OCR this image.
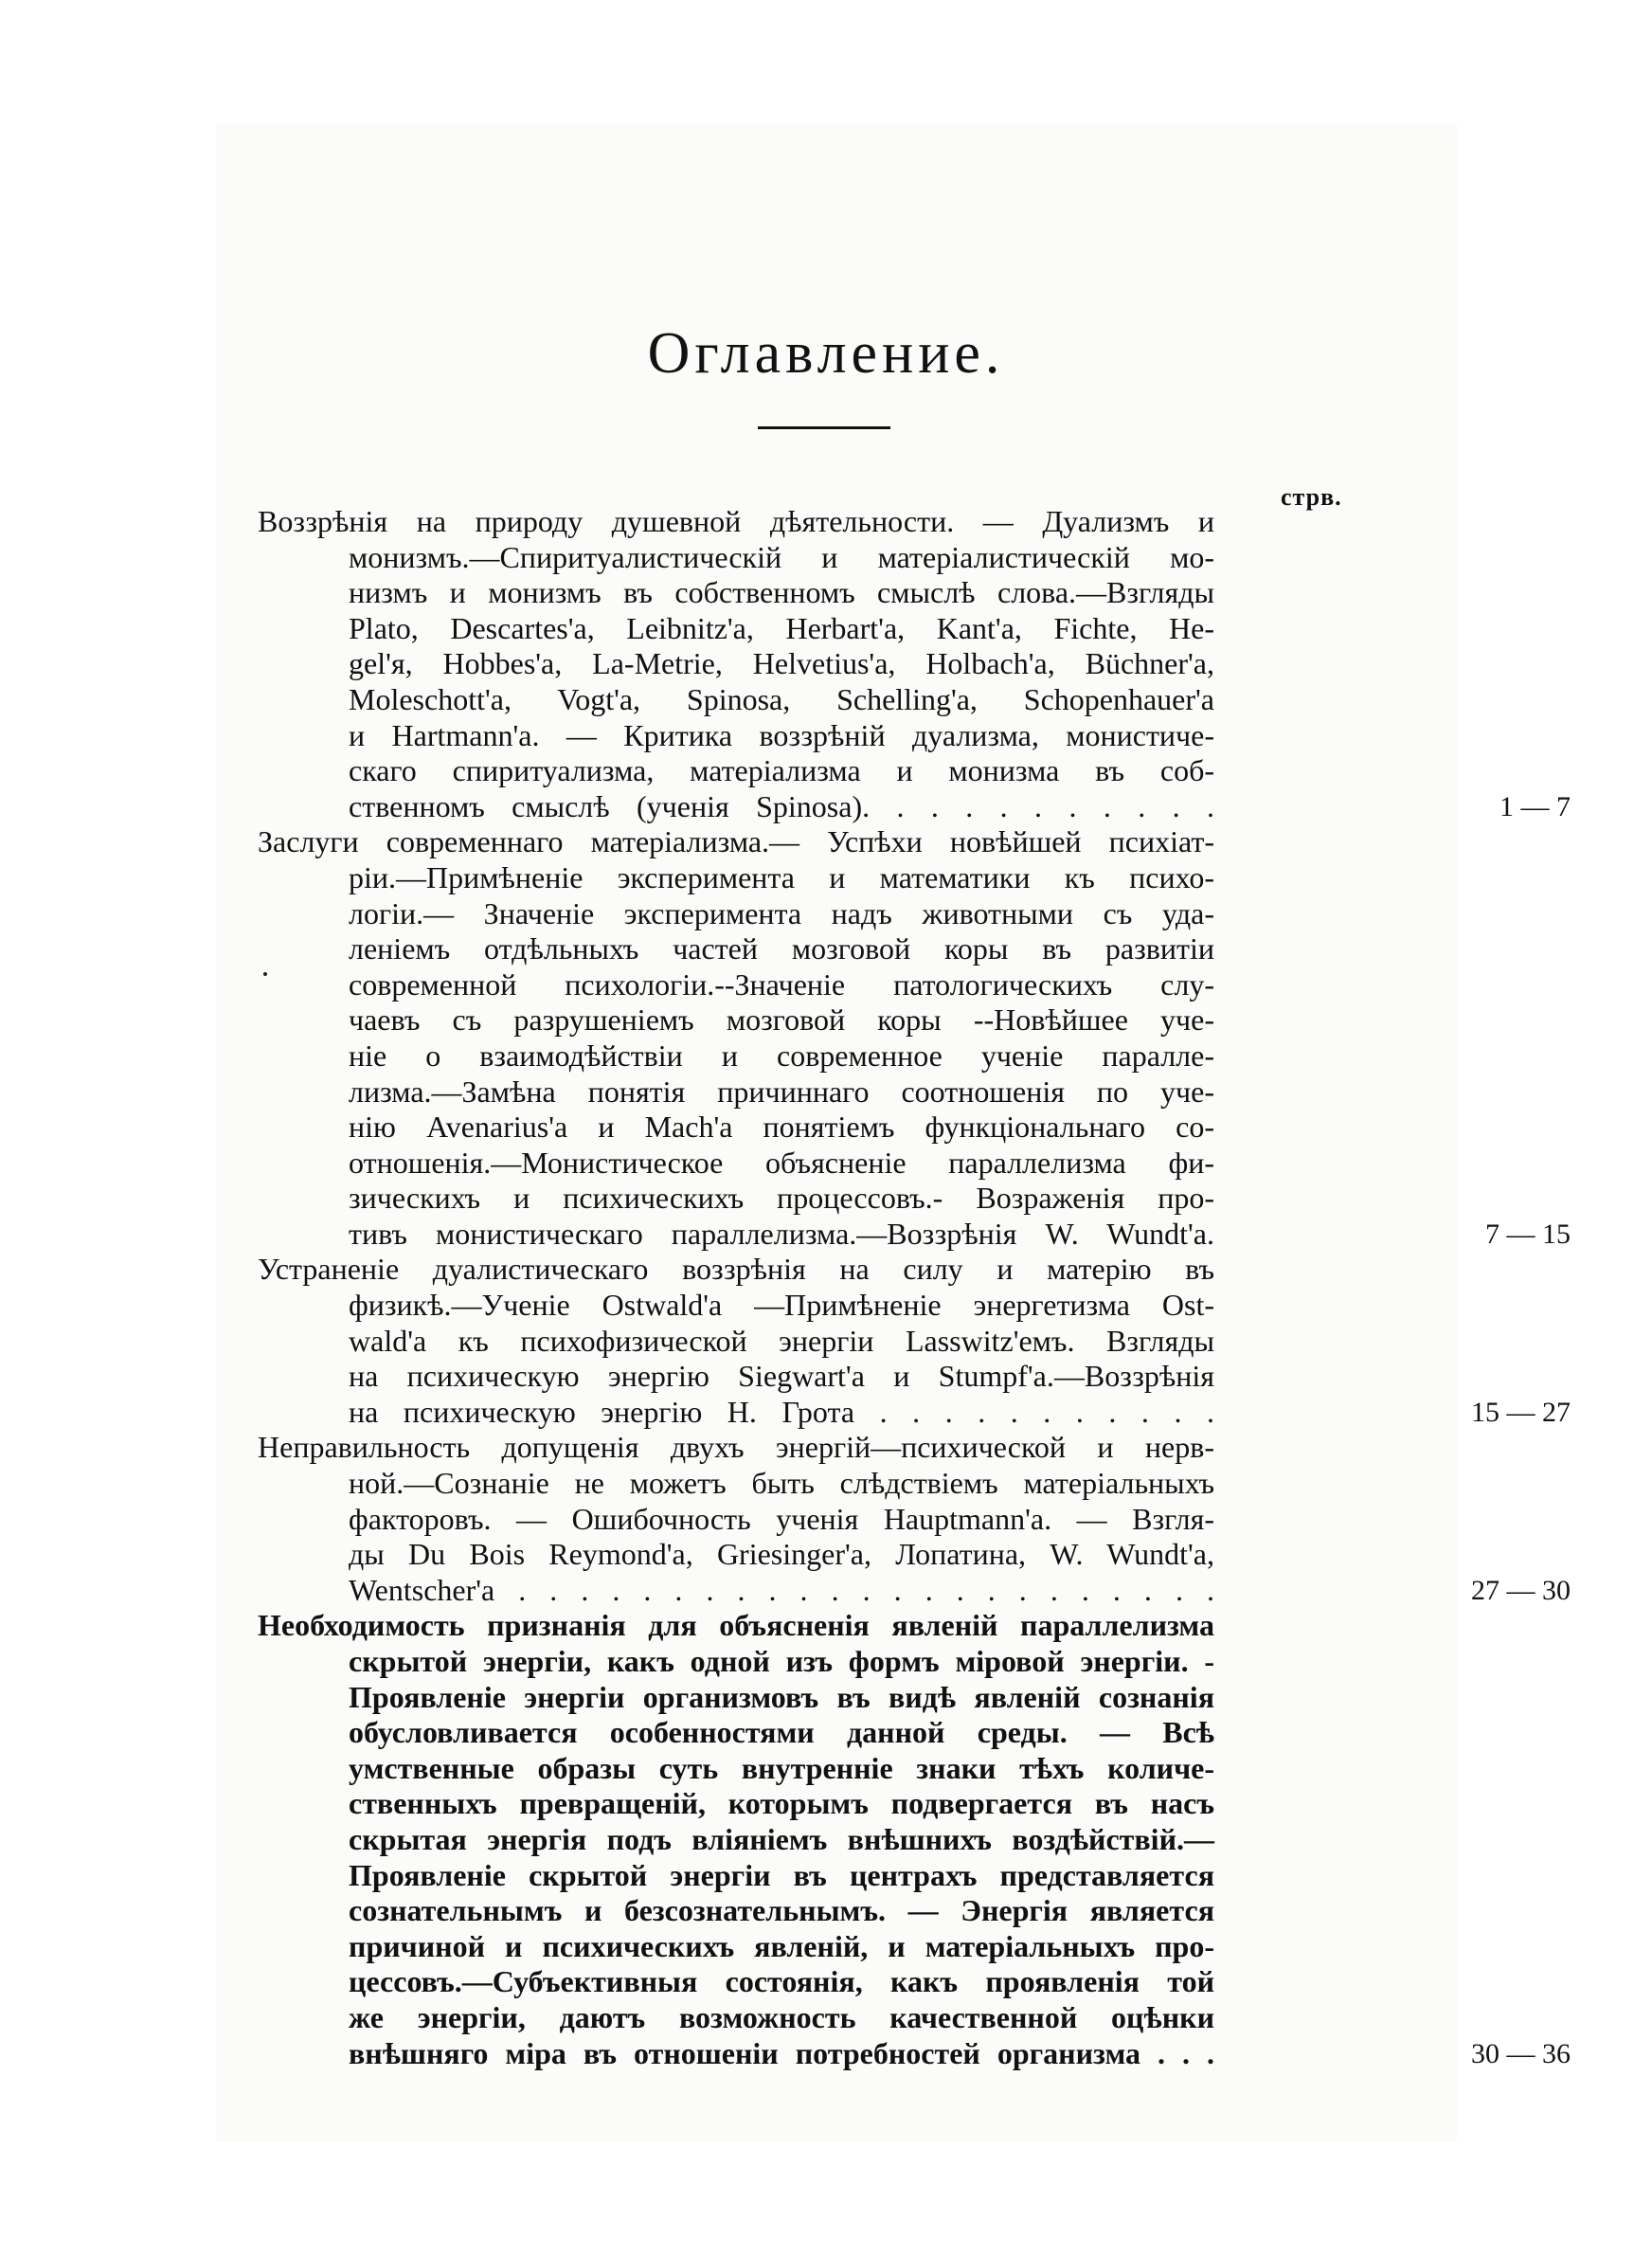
Оглавление.
стрв.
Воззрѣнія на природу душевной дѣятельности. — Дуализмъ и
монизмъ.—Спиритуалистическій и матеріалистическій мо-
низмъ и монизмъ въ собственномъ смыслѣ слова.—Взгляды
Plato, Descartes'a, Leibnitz'a, Herbart'a, Kant'a, Fichte, He-
gel'я, Hobbes'a, La-Metrie, Helvetius'a, Holbach'a, Büchner'a,
Moleschott'a, Vogt'a, Spinosa, Schelling'a, Schopenhauer'a
и Hartmann'a. — Критика воззрѣній дуализма, монистиче-
скаго спиритуализма, матеріализма и монизма въ соб-
ственномъ смыслѣ (ученія Spinosa). . . . . . . . . . .	1 — 7
Заслуги современнаго матеріализма.— Успѣхи новѣйшей психіат-
ріи.—Примѣненіе эксперимента и математики къ психо-
логіи.— Значеніе эксперимента надъ животными съ уда-
леніемъ отдѣльныхъ частей мозговой коры въ развитіи
современной психологіи.--Значеніе патологическихъ слу-
чаевъ съ разрушеніемъ мозговой коры --Новѣйшее уче-
ніе о взаимодѣйствіи и современное ученіе паралле-
лизма.—Замѣна понятія причиннаго соотношенія по уче-
нію Avenarius'a и Mach'a понятіемъ функціональнаго со-
отношенія.—Монистическое объясненіе параллелизма фи-
зическихъ и психическихъ процессовъ.- Возраженія про-
тивъ монистическаго параллелизма.—Воззрѣнія W. Wundt'a.	7 — 15
Устраненіе дуалистическаго воззрѣнія на силу и матерію въ
физикѣ.—Ученіе Ostwald'a —Примѣненіе энергетизма Ost-
wald'a къ психофизической энергіи Lasswitz'емъ. Взгляды
на психическую энергію Siegwart'a и Stumpf'a.—Воззрѣнія
на психическую энергію Н. Грота . . . . . . . . . . .	15 — 27
Неправильность допущенія двухъ энергій—психической и нерв-
ной.—Сознаніе не можетъ быть слѣдствіемъ матеріальныхъ
факторовъ. — Ошибочность ученія Hauptmann'a. — Взгля-
ды Du Bois Reymond'a, Griesinger'a, Лопатина, W. Wundt'a,
Wentscher'a . . . . . . . . . . . . . . . . . . . . . . .	27 — 30
Необходимость признанія для объясненія явленій параллелизма
скрытой энергіи, какъ одной изъ формъ міровой энергіи. -
Проявленіе энергіи организмовъ въ видѣ явленій сознанія
обусловливается особенностями данной среды. — Всѣ
умственные образы суть внутренніе знаки тѣхъ количе-
ственныхъ превращеній, которымъ подвергается въ насъ
скрытая энергія подъ вліяніемъ внѣшнихъ воздѣйствій.—
Проявленіе скрытой энергіи въ центрахъ представляется
сознательнымъ и безсознательнымъ. — Энергія является
причиной и психическихъ явленій, и матеріальныхъ про-
цессовъ.—Субъективныя состоянія, какъ проявленія той
же энергіи, даютъ возможность качественной оцѣнки
внѣшняго міра въ отношеніи потребностей организма . . .	30 — 36
